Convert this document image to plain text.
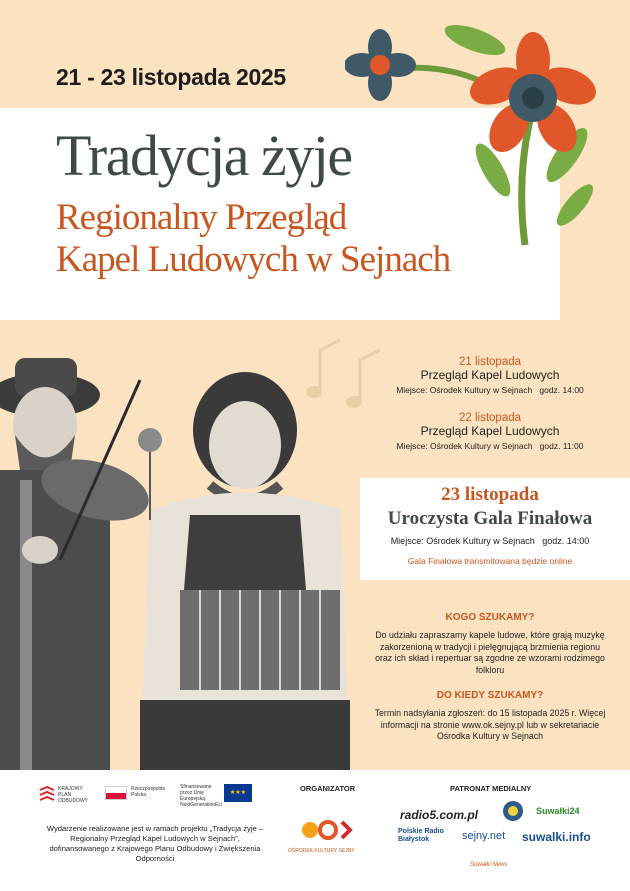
21 - 23 listopada 2025
Tradycja żyje
Regionalny Przegląd
Kapel Ludowych w Sejnach
21 listopada
Przegląd Kapel Ludowych
Miejsce: Ośrodek Kultury w Sejnach godz. 14:00
22 listopada
Przegląd Kapel Ludowych
Miejsce: Ośrodek Kultury w Sejnach godz. 11:00
23 listopada
Uroczysta Gala Finałowa
Miejsce: Ośrodek Kultury w Sejnach godz. 14:00
Gala Finałowa transmitowana będzie online
KOGO SZUKAMY?
Do udziału zapraszamy kapele ludowe, które grają muzykę zakorzenioną w tradycji i pielęgnującą brzmienia regionu oraz ich skład i repertuar są zgodne ze wzorami rodzimego folkloru
DO KIEDY SZUKAMY?
Termin nadsyłania zgłoszeń: do 15 listopada 2025 r. Więcej informacji na stronie www.ok.sejny.pl lub w sekretariacie Ośrodka Kultury w Sejnach
KRAJOWY PLAN ODBUDOWY
Rzeczpospolita Polska
Sfinansowane przez Unię Europejską NextGenerationEU
★★★
Wydarzenie realizowane jest w ramach projektu „Tradycja żyje – Regionalny Przegląd Kapel Ludowych w Sejnach”, dofinansowanego z Krajowego Planu Odbudowy i Zwiększenia Odporności
ORGANIZATOR
OŚRODEK KULTURY SEJNY
PATRONAT MEDIALNY
radio5.com.pl
Polskie Radio Białystok	sejny.net
Suwałki24
suwalki.info
Suwałki News
